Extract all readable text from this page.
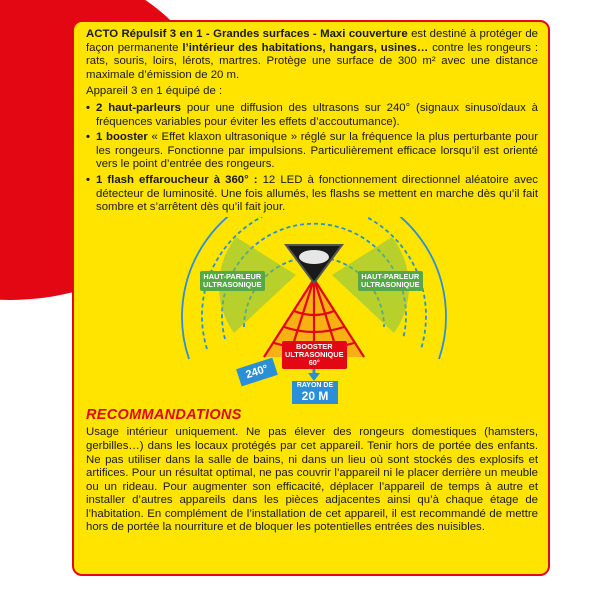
ACTO Répulsif 3 en 1 - Grandes surfaces - Maxi couverture est destiné à protéger de façon permanente l’intérieur des habitations, hangars, usines… contre les rongeurs : rats, souris, loirs, lérots, martres. Protège une surface de 300 m² avec une distance maximale d’émission de 20 m.

Appareil 3 en 1 équipé de :

• 2 haut-parleurs pour une diffusion des ultrasons sur 240° (signaux sinusoïdaux à fréquences variables pour éviter les effets d’accoutumance).
• 1 booster « Effet klaxon ultrasonique » réglé sur la fréquence la plus perturbante pour les rongeurs. Fonctionne par impulsions. Particulièrement efficace lorsqu’il est orienté vers le point d’entrée des rongeurs.
• 1 flash effaroucheur à 360° : 12 LED à fonctionnement directionnel aléatoire avec détecteur de luminosité. Une fois allumés, les flashs se mettent en marche dès qu’il fait sombre et s’arrêtent dès qu’il fait jour.
HAUT-PARLEUR
ULTRASONIQUE
HAUT-PARLEUR
ULTRASONIQUE
BOOSTER
ULTRASONIQUE
60°
240°
RAYON DE
20 M
RECOMMANDATIONS
Usage intérieur uniquement. Ne pas élever des rongeurs domestiques (hamsters, gerbilles…) dans les locaux protégés par cet appareil. Tenir hors de portée des enfants. Ne pas utiliser dans la salle de bains, ni dans un lieu où sont stockés des explosifs et artifices. Pour un résultat optimal, ne pas couvrir l’appareil ni le placer derrière un meuble ou un rideau. Pour augmenter son efficacité, déplacer l’appareil de temps à autre et installer d’autres appareils dans les pièces adjacentes ainsi qu’à chaque étage de l’habitation. En complément de l’installation de cet appareil, il est recommandé de mettre hors de portée la nourriture et de bloquer les potentielles entrées des nuisibles.
